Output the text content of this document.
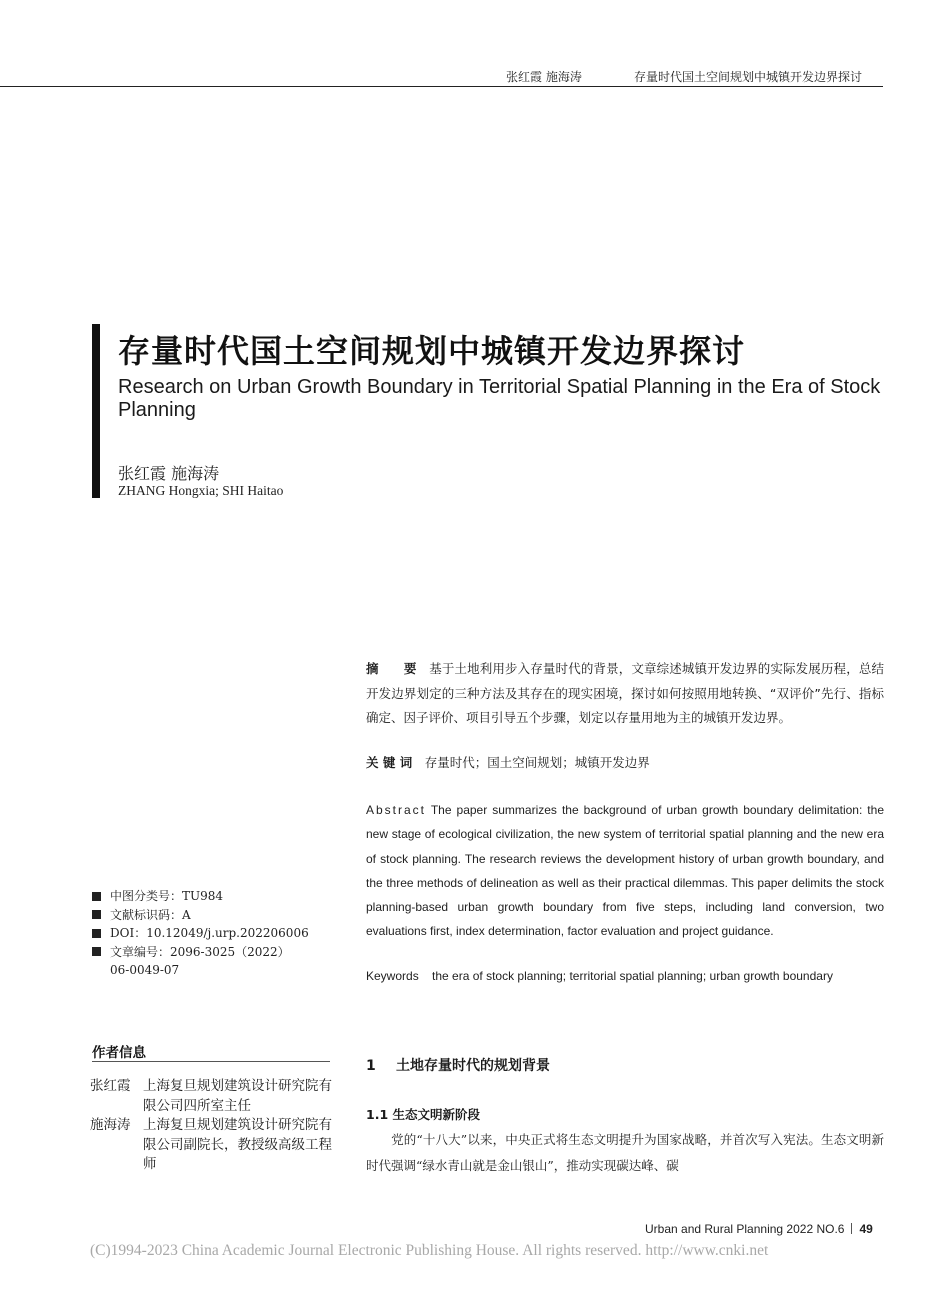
张红霞 施海涛	存量时代国土空间规划中城镇开发边界探讨
存量时代国土空间规划中城镇开发边界探讨
Research on Urban Growth Boundary in Territorial Spatial Planning in the Era of Stock Planning
张红霞 施海涛
ZHANG Hongxia; SHI Haitao
摘　　要　 基于土地利用步入存量时代的背景，文章综述城镇开发边界的实际发展历程，总结开发边界划定的三种方法及其存在的现实困境，探讨如何按照用地转换、“双评价”先行、指标确定、因子评价、项目引导五个步骤，划定以存量用地为主的城镇开发边界。
关 键 词　 存量时代；国土空间规划；城镇开发边界
Abstract The paper summarizes the background of urban growth boundary delimitation: the new stage of ecological civilization, the new system of territorial spatial planning and the new era of stock planning. The research reviews the development history of urban growth boundary, and the three methods of delineation as well as their practical dilemmas. This paper delimits the stock planning-based urban growth boundary from five steps, including land conversion, two evaluations first, index determination, factor evaluation and project guidance.
Keywords the era of stock planning; territorial spatial planning; urban growth boundary
中图分类号：TU984
文献标识码：A
DOI：10.12049/j.urp.202206006
文章编号：2096-3025（2022）
06-0049-07
作者信息
张红霞 上海复旦规划建筑设计研究院有限公司四所室主任
施海涛 上海复旦规划建筑设计研究院有限公司副院长，教授级高级工程师
1 土地存量时代的规划背景
1.1 生态文明新阶段
党的“十八大”以来，中央正式将生态文明提升为国家战略，并首次写入宪法。生态文明新时代强调“绿水青山就是金山银山”，推动实现碳达峰、碳
Urban and Rural Planning 2022 NO.6 49
(C)1994-2023 China Academic Journal Electronic Publishing House. All rights reserved. http://www.cnki.net
